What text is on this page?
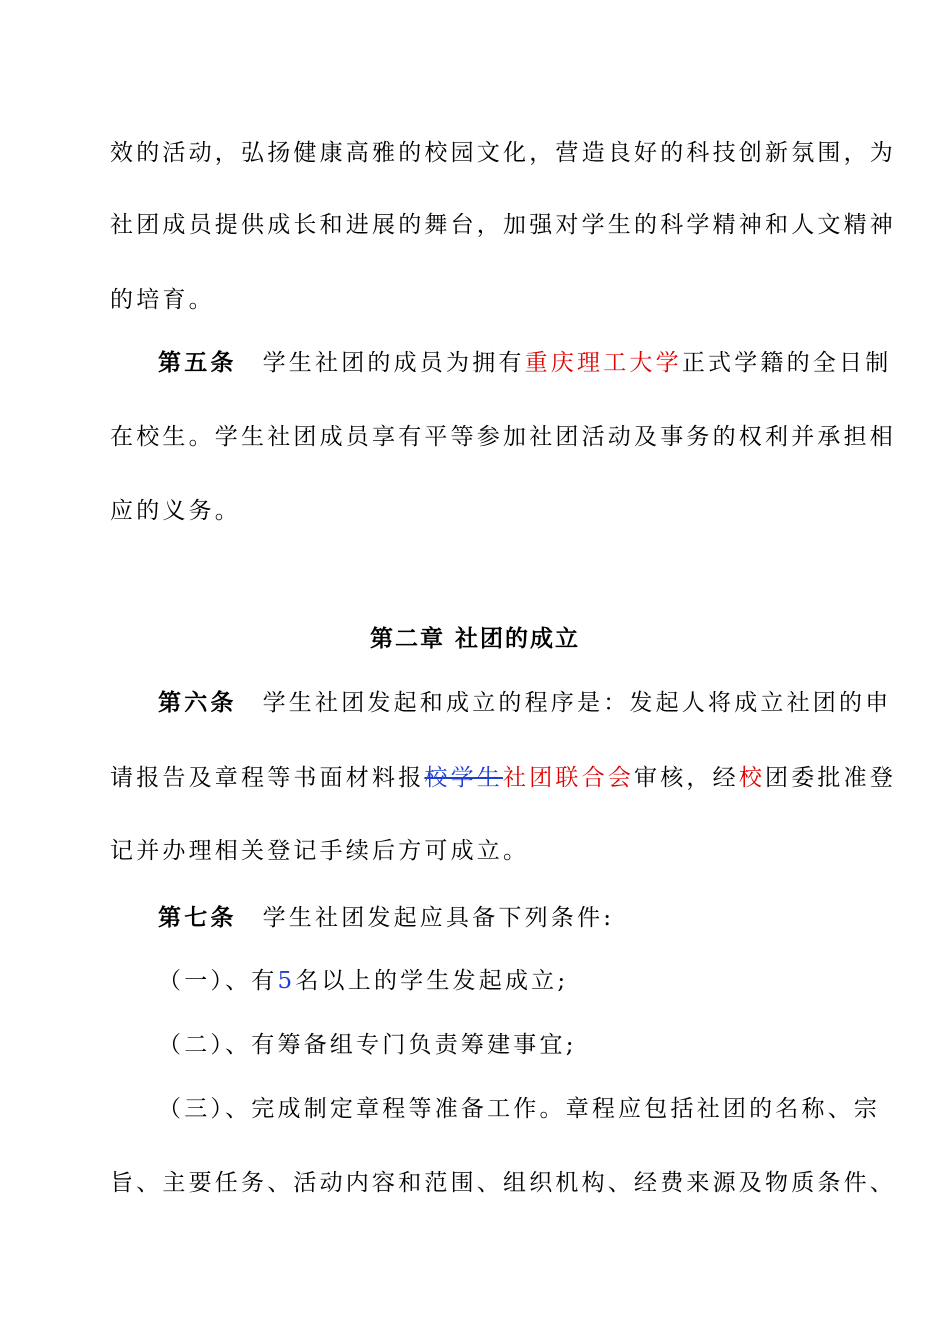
效的活动，弘扬健康高雅的校园文化，营造良好的科技创新氛围，为
社团成员提供成长和进展的舞台，加强对学生的科学精神和人文精神
的培育。
第五条 学生社团的成员为拥有重庆理工大学正式学籍的全日制
在校生。学生社团成员享有平等参加社团活动及事务的权利并承担相
应的义务。
第二章 社团的成立
第六条 学生社团发起和成立的程序是：发起人将成立社团的申
请报告及章程等书面材料报校学生社团联合会审核，经校团委批准登
记并办理相关登记手续后方可成立。
第七条 学生社团发起应具备下列条件:
（一）、有5名以上的学生发起成立;
（二）、有筹备组专门负责筹建事宜;
（三）、完成制定章程等准备工作。章程应包括社团的名称、宗
旨、主要任务、活动内容和范围、组织机构、经费来源及物质条件、
